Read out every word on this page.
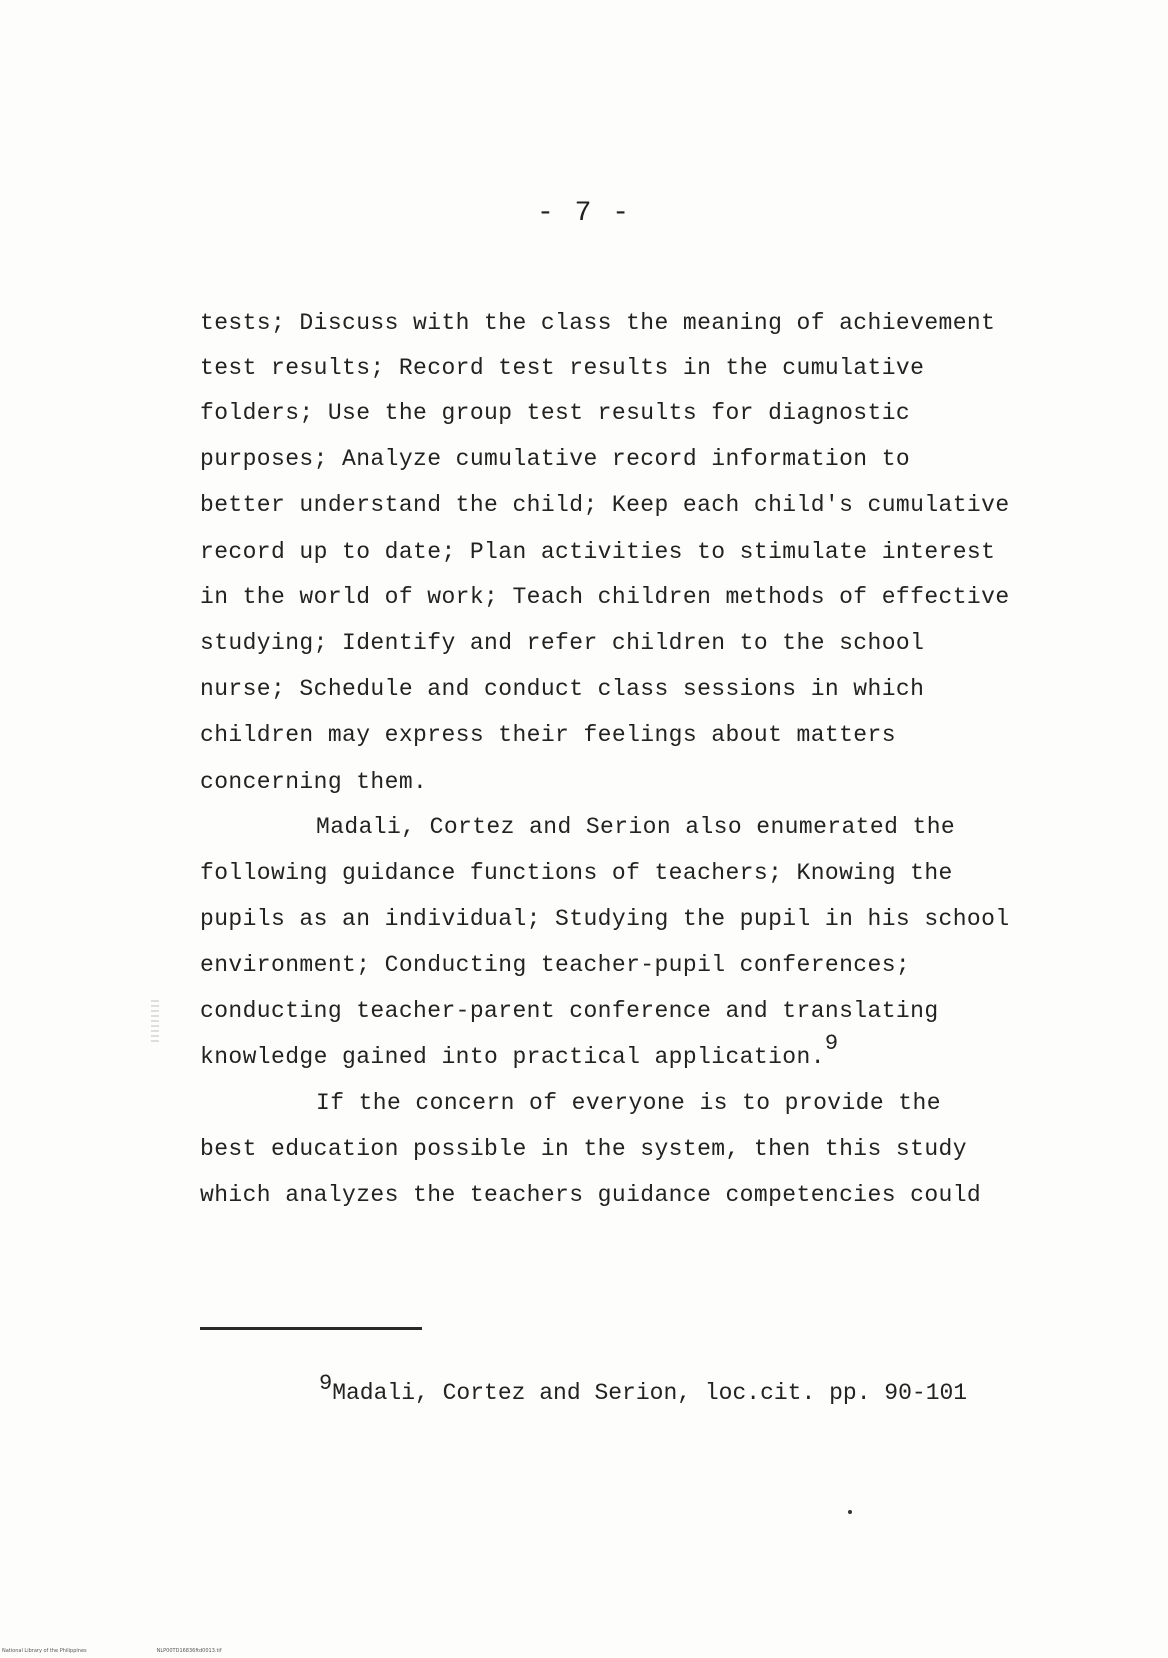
- 7 -
tests; Discuss with the class the meaning of achievement
test results; Record test results in the cumulative
folders; Use the group test results for diagnostic
purposes; Analyze cumulative record information to
better understand the child; Keep each child's cumulative
record up to date; Plan activities to stimulate interest
in the world of work; Teach children methods of effective
studying; Identify and refer children to the school
nurse; Schedule and conduct class sessions in which
children may express their feelings about matters
concerning them.
Madali, Cortez and Serion also enumerated the
following guidance functions of teachers; Knowing the
pupils as an individual; Studying the pupil in his school
environment; Conducting teacher-pupil conferences;
conducting teacher-parent conference and translating
knowledge gained into practical application.9
If the concern of everyone is to provide the
best education possible in the system, then this study
which analyzes the teachers guidance competencies could
9Madali, Cortez and Serion, loc.cit. pp. 90-101
National Library of the Philippines	NLP00TD16836ftd0013.tif
